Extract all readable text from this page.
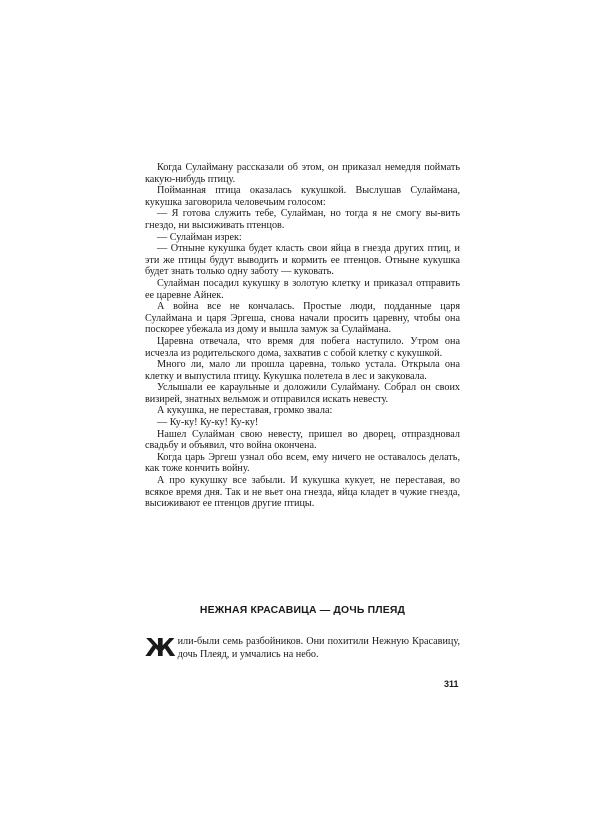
Когда Сулайману рассказали об этом, он приказал немедля поймать какую-нибудь птицу.

Пойманная птица оказалась кукушкой. Выслушав Сулаймана, кукушка заговорила человечьим голосом:

— Я готова служить тебе, Сулайман, но тогда я не смогу вы-вить гнездо, ни высиживать птенцов.

— Сулайман изрек:

— Отныне кукушка будет класть свои яйца в гнезда других птиц, и эти же птицы будут выводить и кормить ее птенцов. Отныне кукушка будет знать только одну заботу — куковать.

Сулайман посадил кукушку в золотую клетку и приказал отправить ее царевне Айнек.

А война все не кончалась. Простые люди, подданные царя Сулаймана и царя Эргеша, снова начали просить царевну, чтобы она поскорее убежала из дому и вышла замуж за Сулаймана.

Царевна отвечала, что время для побега наступило. Утром она исчезла из родительского дома, захватив с собой клетку с кукушкой.

Много ли, мало ли прошла царевна, только устала. Открыла она клетку и выпустила птицу. Кукушка полетела в лес и закуковала.

Услышали ее караульные и доложили Сулайману. Собрал он своих визирей, знатных вельмож и отправился искать невесту.

А кукушка, не переставая, громко звала:

— Ку-ку! Ку-ку! Ку-ку!

Нашел Сулайман свою невесту, пришел во дворец, отпраздновал свадьбу и объявил, что война окончена.

Когда царь Эргеш узнал обо всем, ему ничего не оставалось делать, как тоже кончить войну.

А про кукушку все забыли. И кукушка кукует, не переставая, во всякое время дня. Так и не вьет она гнезда, яйца кладет в чужие гнезда, высиживают ее птенцов другие птицы.

НЕЖНАЯ КРАСАВИЦА — ДОЧЬ ПЛЕЯД
Жили-были семь разбойников. Они похитили Нежную Красавицу, дочь Плеяд, и умчались на небо.
311
